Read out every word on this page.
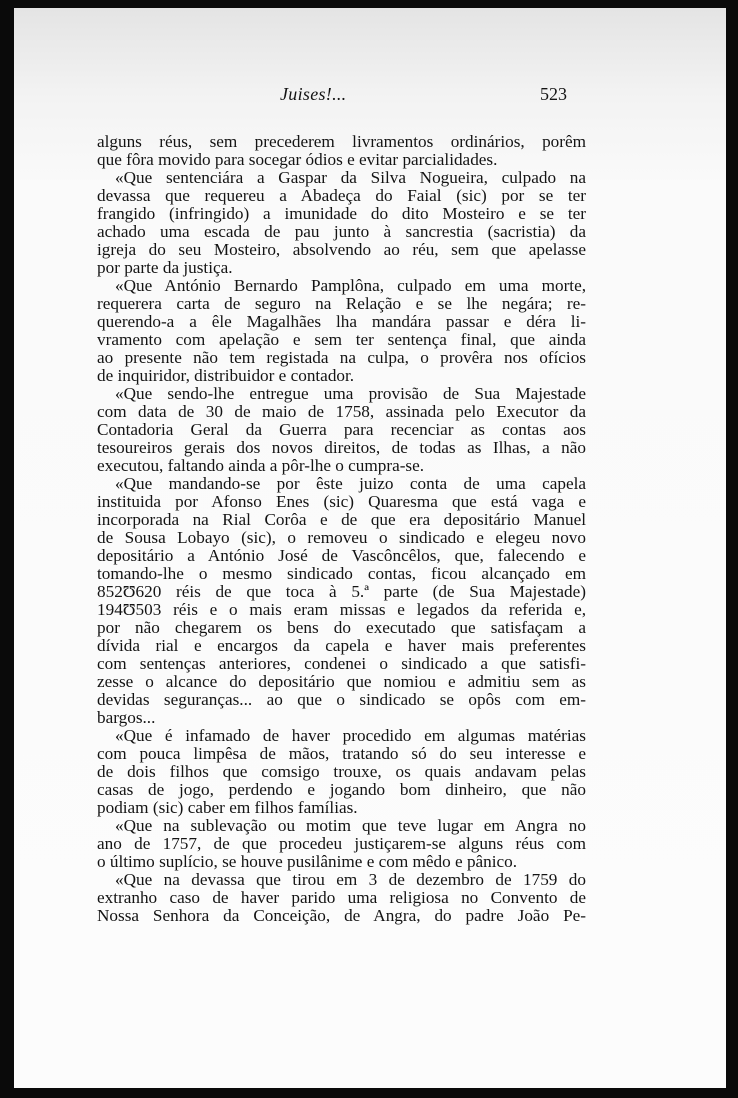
Juises!...	523
alguns réus, sem precederem livramentos ordinários, porêm
que fôra movido para socegar ódios e evitar parcialidades.
«Que sentenciára a Gaspar da Silva Nogueira, culpado na
devassa que requereu a Abadeça do Faial (sic) por se ter
frangido (infringido) a imunidade do dito Mosteiro e se ter
achado uma escada de pau junto à sancrestia (sacristia) da
igreja do seu Mosteiro, absolvendo ao réu, sem que apelasse
por parte da justiça.
«Que António Bernardo Pamplôna, culpado em uma morte,
requerera carta de seguro na Relação e se lhe negára; re-
querendo-a a êle Magalhães lha mandára passar e déra li-
vramento com apelação e sem ter sentença final, que ainda
ao presente não tem registada na culpa, o provêra nos ofícios
de inquiridor, distribuidor e contador.
«Que sendo-lhe entregue uma provisão de Sua Majestade
com data de 30 de maio de 1758, assinada pelo Executor da
Contadoria Geral da Guerra para recenciar as contas aos
tesoureiros gerais dos novos direitos, de todas as Ilhas, a não
executou, faltando ainda a pôr-lhe o cumpra-se.
«Que mandando-se por êste juizo conta de uma capela
instituida por Afonso Enes (sic) Quaresma que está vaga e
incorporada na Rial Corôa e de que era depositário Manuel
de Sousa Lobayo (sic), o removeu o sindicado e elegeu novo
depositário a António José de Vascôncêlos, que, falecendo e
tomando-lhe o mesmo sindicado contas, ficou alcançado em
852Ʊ620 réis de que toca à 5.ª parte (de Sua Majestade)
194Ʊ503 réis e o mais eram missas e legados da referida e,
por não chegarem os bens do executado que satisfaçam a
dívida rial e encargos da capela e haver mais preferentes
com sentenças anteriores, condenei o sindicado a que satisfi-
zesse o alcance do depositário que nomiou e admitiu sem as
devidas seguranças... ao que o sindicado se opôs com em-
bargos...
«Que é infamado de haver procedido em algumas matérias
com pouca limpêsa de mãos, tratando só do seu interesse e
de dois filhos que comsigo trouxe, os quais andavam pelas
casas de jogo, perdendo e jogando bom dinheiro, que não
podiam (sic) caber em filhos famílias.
«Que na sublevação ou motim que teve lugar em Angra no
ano de 1757, de que procedeu justiçarem-se alguns réus com
o último suplício, se houve pusilânime e com mêdo e pânico.
«Que na devassa que tirou em 3 de dezembro de 1759 do
extranho caso de haver parido uma religiosa no Convento de
Nossa Senhora da Conceição, de Angra, do padre João Pe-
